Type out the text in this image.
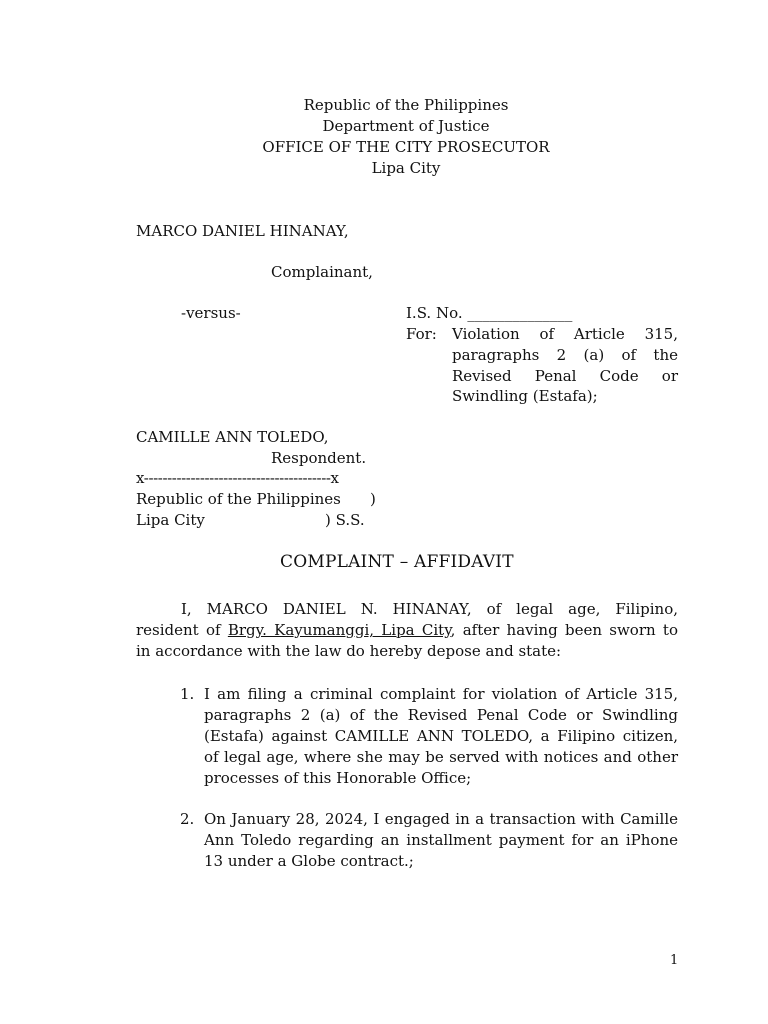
Republic of the Philippines
Department of Justice
OFFICE OF THE CITY PROSECUTOR
Lipa City
MARCO DANIEL HINANAY,
Complainant,
-versus-	I.S. No. ______________
For: Violation of Article 315,
paragraphs 2 (a) of the
Revised Penal Code or
Swindling (Estafa);
CAMILLE ANN TOLEDO,
Respondent.
x----------------------------------------x
Republic of the Philippines )
Lipa City	) S.S.
COMPLAINT – AFFIDAVIT
I, MARCO DANIEL N. HINANAY, of legal age, Filipino,
resident of Brgy. Kayumanggi, Lipa City, after having been sworn to
in accordance with the law do hereby depose and state:
1. I am filing a criminal complaint for violation of Article 315,
paragraphs 2 (a) of the Revised Penal Code or Swindling
(Estafa) against CAMILLE ANN TOLEDO, a Filipino citizen,
of legal age, where she may be served with notices and other
processes of this Honorable Office;
2. On January 28, 2024, I engaged in a transaction with Camille
Ann Toledo regarding an installment payment for an iPhone
13 under a Globe contract.;
1
